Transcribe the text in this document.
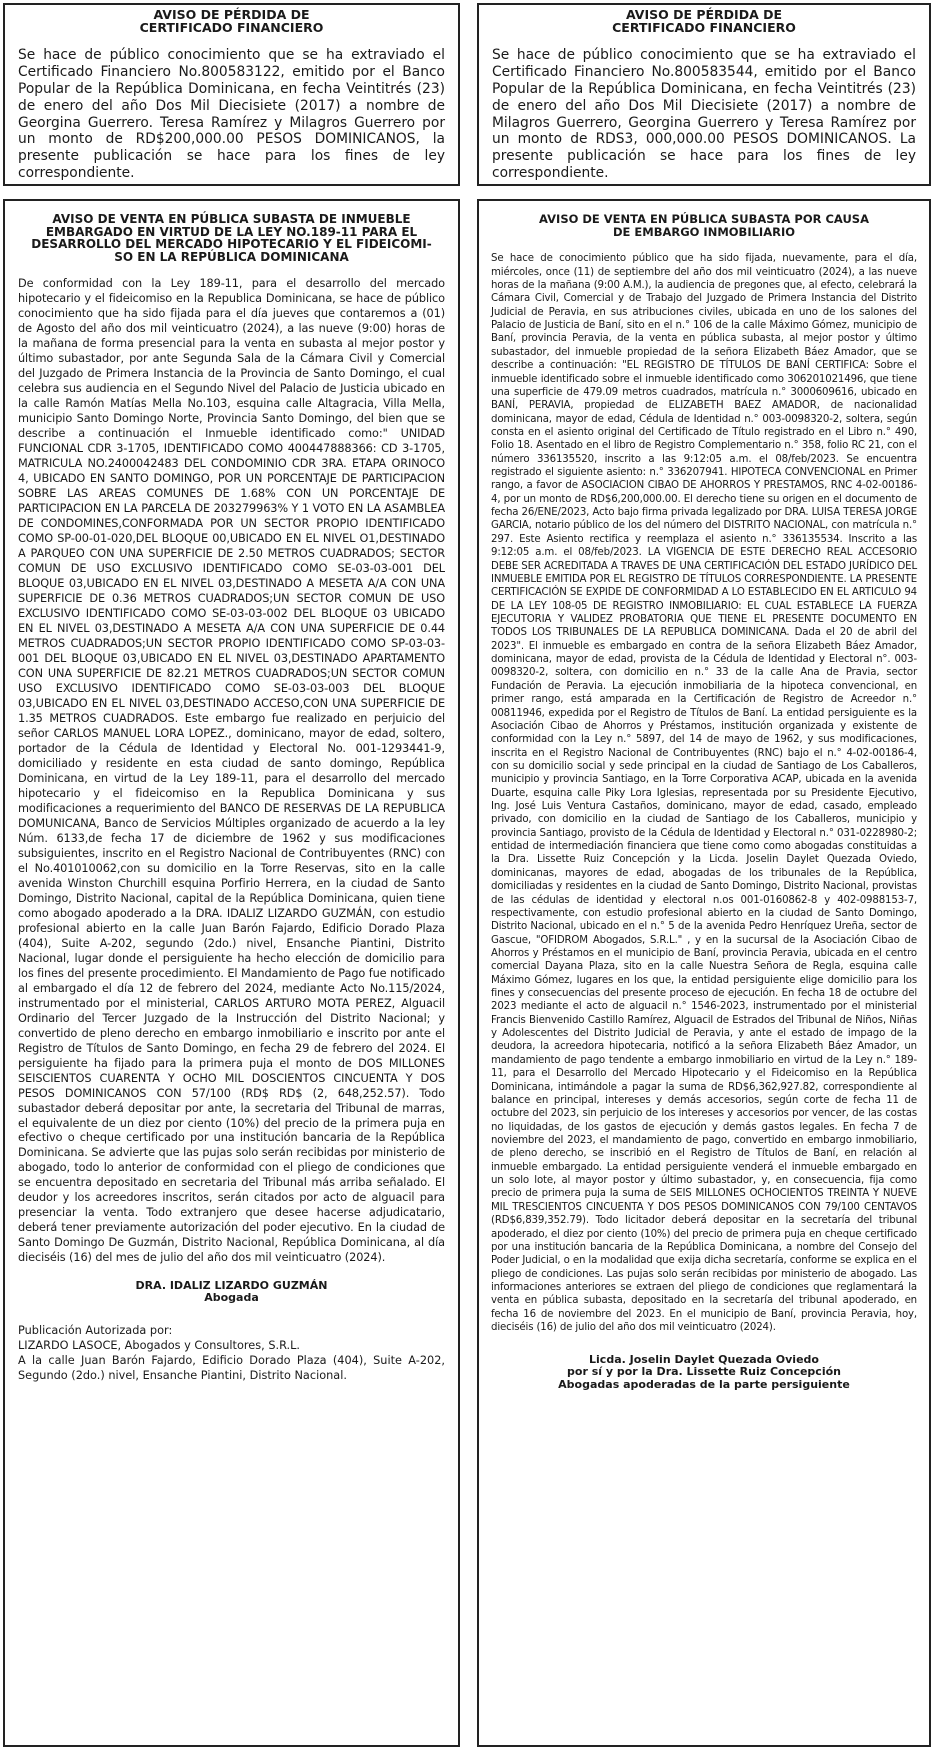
AVISO DE PÉRDIDA DE
CERTIFICADO FINANCIERO

Se hace de público conocimiento que se ha extraviado el Certificado Financiero No.800583122, emitido por el Banco Popular de la República Dominicana, en fecha Veintitrés (23) de enero del año Dos Mil Diecisiete (2017) a nombre de Georgina Guerrero. Teresa Ramírez y Milagros Guerrero por un monto de RD$200,000.00 PESOS DOMINICANOS, la presente publicación se hace para los fines de ley correspondiente.

AVISO DE PÉRDIDA DE
CERTIFICADO FINANCIERO

Se hace de público conocimiento que se ha extraviado el Certificado Financiero No.800583544, emitido por el Banco Popular de la República Dominicana, en fecha Veintitrés (23) de enero del año Dos Mil Diecisiete (2017) a nombre de Milagros Guerrero, Georgina Guerrero y Teresa Ramírez por un monto de RDS3, 000,000.00 PESOS DOMINICANOS. La presente publicación se hace para los fines de ley correspondiente.

AVISO DE VENTA EN PÚBLICA SUBASTA DE INMUEBLE
EMBARGADO EN VIRTUD DE LA LEY NO.189-11 PARA EL
DESARROLLO DEL MERCADO HIPOTECARIO Y EL FIDEICOMI-
SO EN LA REPÚBLICA DOMINICANA

De conformidad con la Ley 189-11, para el desarrollo del mercado hipotecario y el fideicomiso en la Republica Dominicana, se hace de público conocimiento que ha sido fijada para el día jueves que contaremos a (01) de Agosto del año dos mil veinticuatro (2024), a las nueve (9:00) horas de la mañana de forma presencial para la venta en subasta al mejor postor y último subastador, por ante Segunda Sala de la Cámara Civil y Comercial del Juzgado de Primera Instancia de la Provincia de Santo Domingo, el cual celebra sus audiencia en el Segundo Nivel del Palacio de Justicia ubicado en la calle Ramón Matías Mella No.103, esquina calle Altagracia, Villa Mella, municipio Santo Domingo Norte, Provincia Santo Domingo, del bien que se describe a continuación el Inmueble identificado como:" UNIDAD FUNCIONAL CDR 3-1705, IDENTIFICADO COMO 400447888366: CD 3-1705, MATRICULA NO.2400042483 DEL CONDOMINIO CDR 3RA. ETAPA ORINOCO 4, UBICADO EN SANTO DOMINGO, POR UN PORCENTAJE DE PARTICIPACION SOBRE LAS AREAS COMUNES DE 1.68% CON UN PORCENTAJE DE PARTICIPACION EN LA PARCELA DE 203279963% Y 1 VOTO EN LA ASAMBLEA DE CONDOMINES,CONFORMADA POR UN SECTOR PROPIO IDENTIFICADO COMO SP-00-01-020,DEL BLOQUE 00,UBICADO EN EL NIVEL O1,DESTINADO A PARQUEO CON UNA SUPERFICIE DE 2.50 METROS CUADRADOS; SECTOR COMUN DE USO EXCLUSIVO IDENTIFICADO COMO SE-03-03-001 DEL BLOQUE 03,UBICADO EN EL NIVEL 03,DESTINADO A MESETA A/A CON UNA SUPERFICIE DE 0.36 METROS CUADRADOS;UN SECTOR COMUN DE USO EXCLUSIVO IDENTIFICADO COMO SE-03-03-002 DEL BLOQUE 03 UBICADO EN EL NIVEL 03,DESTINADO A MESETA A/A CON UNA SUPERFICIE DE 0.44 METROS CUADRADOS;UN SECTOR PROPIO IDENTIFICADO COMO SP-03-03-001 DEL BLOQUE 03,UBICADO EN EL NIVEL 03,DESTINADO APARTAMENTO CON UNA SUPERFICIE DE 82.21 METROS CUADRADOS;UN SECTOR COMUN USO EXCLUSIVO IDENTIFICADO COMO SE-03-03-003 DEL BLOQUE 03,UBICADO EN EL NIVEL 03,DESTINADO ACCESO,CON UNA SUPERFICIE DE 1.35 METROS CUADRADOS. Este embargo fue realizado en perjuicio del señor CARLOS MANUEL LORA LOPEZ., dominicano, mayor de edad, soltero, portador de la Cédula de Identidad y Electoral No. 001-1293441-9, domiciliado y residente en esta ciudad de santo domingo, República Dominicana, en virtud de la Ley 189-11, para el desarrollo del mercado hipotecario y el fideicomiso en la Republica Dominicana y sus modificaciones a requerimiento del BANCO DE RESERVAS DE LA REPUBLICA DOMUNICANA, Banco de Servicios Múltiples organizado de acuerdo a la ley Núm. 6133,de fecha 17 de diciembre de 1962 y sus modificaciones subsiguientes, inscrito en el Registro Nacional de Contribuyentes (RNC) con el No.401010062,con su domicilio en la Torre Reservas, sito en la calle avenida Winston Churchill esquina Porfirio Herrera, en la ciudad de Santo Domingo, Distrito Nacional, capital de la República Dominicana, quien tiene como abogado apoderado a la DRA. IDALIZ LIZARDO GUZMÁN, con estudio profesional abierto en la calle Juan Barón Fajardo, Edificio Dorado Plaza (404), Suite A-202, segundo (2do.) nivel, Ensanche Piantini, Distrito Nacional, lugar donde el persiguiente ha hecho elección de domicilio para los fines del presente procedimiento. El Mandamiento de Pago fue notificado al embargado el día 12 de febrero del 2024, mediante Acto No.115/2024, instrumentado por el ministerial, CARLOS ARTURO MOTA PEREZ, Alguacil Ordinario del Tercer Juzgado de la Instrucción del Distrito Nacional; y convertido de pleno derecho en embargo inmobiliario e inscrito por ante el Registro de Títulos de Santo Domingo, en fecha 29 de febrero del 2024. El persiguiente ha fijado para la primera puja el monto de DOS MILLONES SEISCIENTOS CUARENTA Y OCHO MIL DOSCIENTOS CINCUENTA Y DOS PESOS DOMINICANOS CON 57/100 (RD$ RD$ (2, 648,252.57). Todo subastador deberá depositar por ante, la secretaria del Tribunal de marras, el equivalente de un diez por ciento (10%) del precio de la primera puja en efectivo o cheque certificado por una institución bancaria de la República Dominicana. Se advierte que las pujas solo serán recibidas por ministerio de abogado, todo lo anterior de conformidad con el pliego de condiciones que se encuentra depositado en secretaria del Tribunal más arriba señalado. El deudor y los acreedores inscritos, serán citados por acto de alguacil para presenciar la venta. Todo extranjero que desee hacerse adjudicatario, deberá tener previamente autorización del poder ejecutivo. En la ciudad de Santo Domingo De Guzmán, Distrito Nacional, República Dominicana, al día dieciséis (16) del mes de julio del año dos mil veinticuatro (2024).

DRA. IDALIZ LIZARDO GUZMÁN
Abogada
Publicación Autorizada por:
LIZARDO LASOCE, Abogados y Consultores, S.R.L.
A la calle Juan Barón Fajardo, Edificio Dorado Plaza (404), Suite A-202, Segundo (2do.) nivel, Ensanche Piantini, Distrito Nacional.
AVISO DE VENTA EN PÚBLICA SUBASTA POR CAUSA
DE EMBARGO INMOBILIARIO

Se hace de conocimiento público que ha sido fijada, nuevamente, para el día, miércoles, once (11) de septiembre del año dos mil veinticuatro (2024), a las nueve horas de la mañana (9:00 A.M.), la audiencia de pregones que, al efecto, celebrará la Cámara Civil, Comercial y de Trabajo del Juzgado de Primera Instancia del Distrito Judicial de Peravia, en sus atribuciones civiles, ubicada en uno de los salones del Palacio de Justicia de Baní, sito en el n.° 106 de la calle Máximo Gómez, municipio de Baní, provincia Peravia, de la venta en pública subasta, al mejor postor y último subastador, del inmueble propiedad de la señora Elizabeth Báez Amador, que se describe a continuación: "EL REGISTRO DE TÍTULOS DE BANÍ CERTIFICA: Sobre el inmueble identificado sobre el inmueble identificado como 306201021496, que tiene una superficie de 479.09 metros cuadrados, matrícula n.° 3000609616, ubicado en BANÍ, PERAVIA, propiedad de ELIZABETH BAEZ AMADOR, de nacionalidad dominicana, mayor de edad, Cédula de Identidad n.° 003-0098320-2, soltera, según consta en el asiento original del Certificado de Título registrado en el Libro n.° 490, Folio 18. Asentado en el libro de Registro Complementario n.° 358, folio RC 21, con el número 336135520, inscrito a las 9:12:05 a.m. el 08/feb/2023. Se encuentra registrado el siguiente asiento: n.° 336207941. HIPOTECA CONVENCIONAL en Primer rango, a favor de ASOCIACION CIBAO DE AHORROS Y PRESTAMOS, RNC 4-02-00186-4, por un monto de RD$6,200,000.00. El derecho tiene su origen en el documento de fecha 26/ENE/2023, Acto bajo firma privada legalizado por DRA. LUISA TERESA JORGE GARCIA, notario público de los del número del DISTRITO NACIONAL, con matrícula n.° 297. Este Asiento rectifica y reemplaza el asiento n.° 336135534. Inscrito a las 9:12:05 a.m. el 08/feb/2023. LA VIGENCIA DE ESTE DERECHO REAL ACCESORIO DEBE SER ACREDITADA A TRAVES DE UNA CERTIFICACIÓN DEL ESTADO JURÍDICO DEL INMUEBLE EMITIDA POR EL REGISTRO DE TÍTULOS CORRESPONDIENTE. LA PRESENTE CERTIFICACIÓN SE EXPIDE DE CONFORMIDAD A LO ESTABLECIDO EN EL ARTICULO 94 DE LA LEY 108-05 DE REGISTRO INMOBILIARIO: EL CUAL ESTABLECE LA FUERZA EJECUTORIA Y VALIDEZ PROBATORIA QUE TIENE EL PRESENTE DOCUMENTO EN TODOS LOS TRIBUNALES DE LA REPUBLICA DOMINICANA. Dada el 20 de abril del 2023". El inmueble es embargado en contra de la señora Elizabeth Báez Amador, dominicana, mayor de edad, provista de la Cédula de Identidad y Electoral n°. 003-0098320-2, soltera, con domicilio en n.° 33 de la calle Ana de Pravia, sector Fundación de Peravia. La ejecución inmobiliaria de la hipoteca convencional, en primer rango, está amparada en la Certificación de Registro de Acreedor n.° 00811946, expedida por el Registro de Títulos de Baní. La entidad persiguiente es la Asociación Cibao de Ahorros y Préstamos, institución organizada y existente de conformidad con la Ley n.° 5897, del 14 de mayo de 1962, y sus modificaciones, inscrita en el Registro Nacional de Contribuyentes (RNC) bajo el n.° 4-02-00186-4, con su domicilio social y sede principal en la ciudad de Santiago de Los Caballeros, municipio y provincia Santiago, en la Torre Corporativa ACAP, ubicada en la avenida Duarte, esquina calle Piky Lora Iglesias, representada por su Presidente Ejecutivo, Ing. José Luis Ventura Castaños, dominicano, mayor de edad, casado, empleado privado, con domicilio en la ciudad de Santiago de los Caballeros, municipio y provincia Santiago, provisto de la Cédula de Identidad y Electoral n.° 031-0228980-2; entidad de intermediación financiera que tiene como como abogadas constituidas a la Dra. Lissette Ruiz Concepción y la Licda. Joselin Daylet Quezada Oviedo, dominicanas, mayores de edad, abogadas de los tribunales de la República, domiciliadas y residentes en la ciudad de Santo Domingo, Distrito Nacional, provistas de las cédulas de identidad y electoral n.os 001-0160862-8 y 402-0988153-7, respectivamente, con estudio profesional abierto en la ciudad de Santo Domingo, Distrito Nacional, ubicado en el n.° 5 de la avenida Pedro Henríquez Ureña, sector de Gascue, "OFIDROM Abogados, S.R.L." , y en la sucursal de la Asociación Cibao de Ahorros y Préstamos en el municipio de Baní, provincia Peravia, ubicada en el centro comercial Dayana Plaza, sito en la calle Nuestra Señora de Regla, esquina calle Máximo Gómez, lugares en los que, la entidad persiguiente elige domicilio para los fines y consecuencias del presente proceso de ejecución. En fecha 18 de octubre del 2023 mediante el acto de alguacil n.° 1546-2023, instrumentado por el ministerial Francis Bienvenido Castillo Ramírez, Alguacil de Estrados del Tribunal de Niños, Niñas y Adolescentes del Distrito Judicial de Peravia, y ante el estado de impago de la deudora, la acreedora hipotecaria, notificó a la señora Elizabeth Báez Amador, un mandamiento de pago tendente a embargo inmobiliario en virtud de la Ley n.° 189-11, para el Desarrollo del Mercado Hipotecario y el Fideicomiso en la República Dominicana, intimándole a pagar la suma de RD$6,362,927.82, correspondiente al balance en principal, intereses y demás accesorios, según corte de fecha 11 de octubre del 2023, sin perjuicio de los intereses y accesorios por vencer, de las costas no liquidadas, de los gastos de ejecución y demás gastos legales. En fecha 7 de noviembre del 2023, el mandamiento de pago, convertido en embargo inmobiliario, de pleno derecho, se inscribió en el Registro de Títulos de Baní, en relación al inmueble embargado. La entidad persiguiente venderá el inmueble embargado en un solo lote, al mayor postor y último subastador, y, en consecuencia, fija como precio de primera puja la suma de SEIS MILLONES OCHOCIENTOS TREINTA Y NUEVE MIL TRESCIENTOS CINCUENTA Y DOS PESOS DOMINICANOS CON 79/100 CENTAVOS (RD$6,839,352.79). Todo licitador deberá depositar en la secretaría del tribunal apoderado, el diez por ciento (10%) del precio de primera puja en cheque certificado por una institución bancaria de la República Dominicana, a nombre del Consejo del Poder Judicial, o en la modalidad que exija dicha secretaría, conforme se explica en el pliego de condiciones. Las pujas solo serán recibidas por ministerio de abogado. Las informaciones anteriores se extraen del pliego de condiciones que reglamentará la venta en pública subasta, depositado en la secretaría del tribunal apoderado, en fecha 16 de noviembre del 2023. En el municipio de Baní, provincia Peravia, hoy, dieciséis (16) de julio del año dos mil veinticuatro (2024).

Licda. Joselin Daylet Quezada Oviedo
por sí y por la Dra. Lissette Ruiz Concepción
Abogadas apoderadas de la parte persiguiente
